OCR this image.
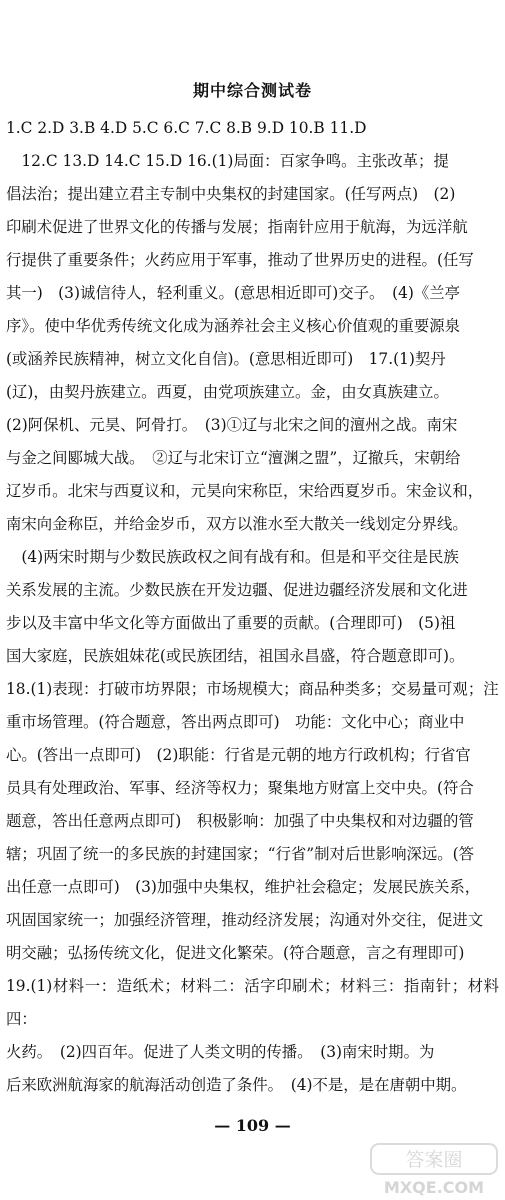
期中综合测试卷

1.C 2.D 3.B 4.D 5.C 6.C 7.C 8.B 9.D 10.B 11.D

　12.C 13.D 14.C 15.D 16.(1)局面：百家争鸣。主张改革；提

倡法治；提出建立君主专制中央集权的封建国家。(任写两点)　(2)

印刷术促进了世界文化的传播与发展；指南针应用于航海，为远洋航

行提供了重要条件；火药应用于军事，推动了世界历史的进程。(任写

其一)　(3)诚信待人，轻利重义。(意思相近即可)交子。　(4)《兰亭

序》。使中华优秀传统文化成为涵养社会主义核心价值观的重要源泉

(或涵养民族精神，树立文化自信)。(意思相近即可)　17.(1)契丹

(辽)，由契丹族建立。西夏，由党项族建立。金，由女真族建立。

(2)阿保机、元昊、阿骨打。　(3)①辽与北宋之间的澶州之战。南宋

与金之间郾城大战。　②辽与北宋订立“澶渊之盟”，辽撤兵，宋朝给

辽岁币。北宋与西夏议和，元昊向宋称臣，宋给西夏岁币。宋金议和，

南宋向金称臣，并给金岁币，双方以淮水至大散关一线划定分界线。

　(4)两宋时期与少数民族政权之间有战有和。但是和平交往是民族

关系发展的主流。少数民族在开发边疆、促进边疆经济发展和文化进

步以及丰富中华文化等方面做出了重要的贡献。(合理即可)　(5)祖

国大家庭，民族姐妹花(或民族团结，祖国永昌盛，符合题意即可)。

18.(1)表现：打破市坊界限；市场规模大；商品种类多；交易量可观；注

重市场管理。(符合题意，答出两点即可)　功能：文化中心；商业中

心。(答出一点即可)　(2)职能：行省是元朝的地方行政机构；行省官

员具有处理政治、军事、经济等权力；聚集地方财富上交中央。(符合

题意，答出任意两点即可)　积极影响：加强了中央集权和对边疆的管

辖；巩固了统一的多民族的封建国家；“行省”制对后世影响深远。(答

出任意一点即可)　(3)加强中央集权，维护社会稳定；发展民族关系，

巩固国家统一；加强经济管理，推动经济发展；沟通对外交往，促进文

明交融；弘扬传统文化，促进文化繁荣。(符合题意，言之有理即可)

19.(1)材料一：造纸术；材料二：活字印刷术；材料三：指南针；材料四：

火药。　(2)四百年。促进了人类文明的传播。　(3)南宋时期。为

后来欧洲航海家的航海活动创造了条件。　(4)不是，是在唐朝中期。

— 109 —
答案圈
MXQE.COM
